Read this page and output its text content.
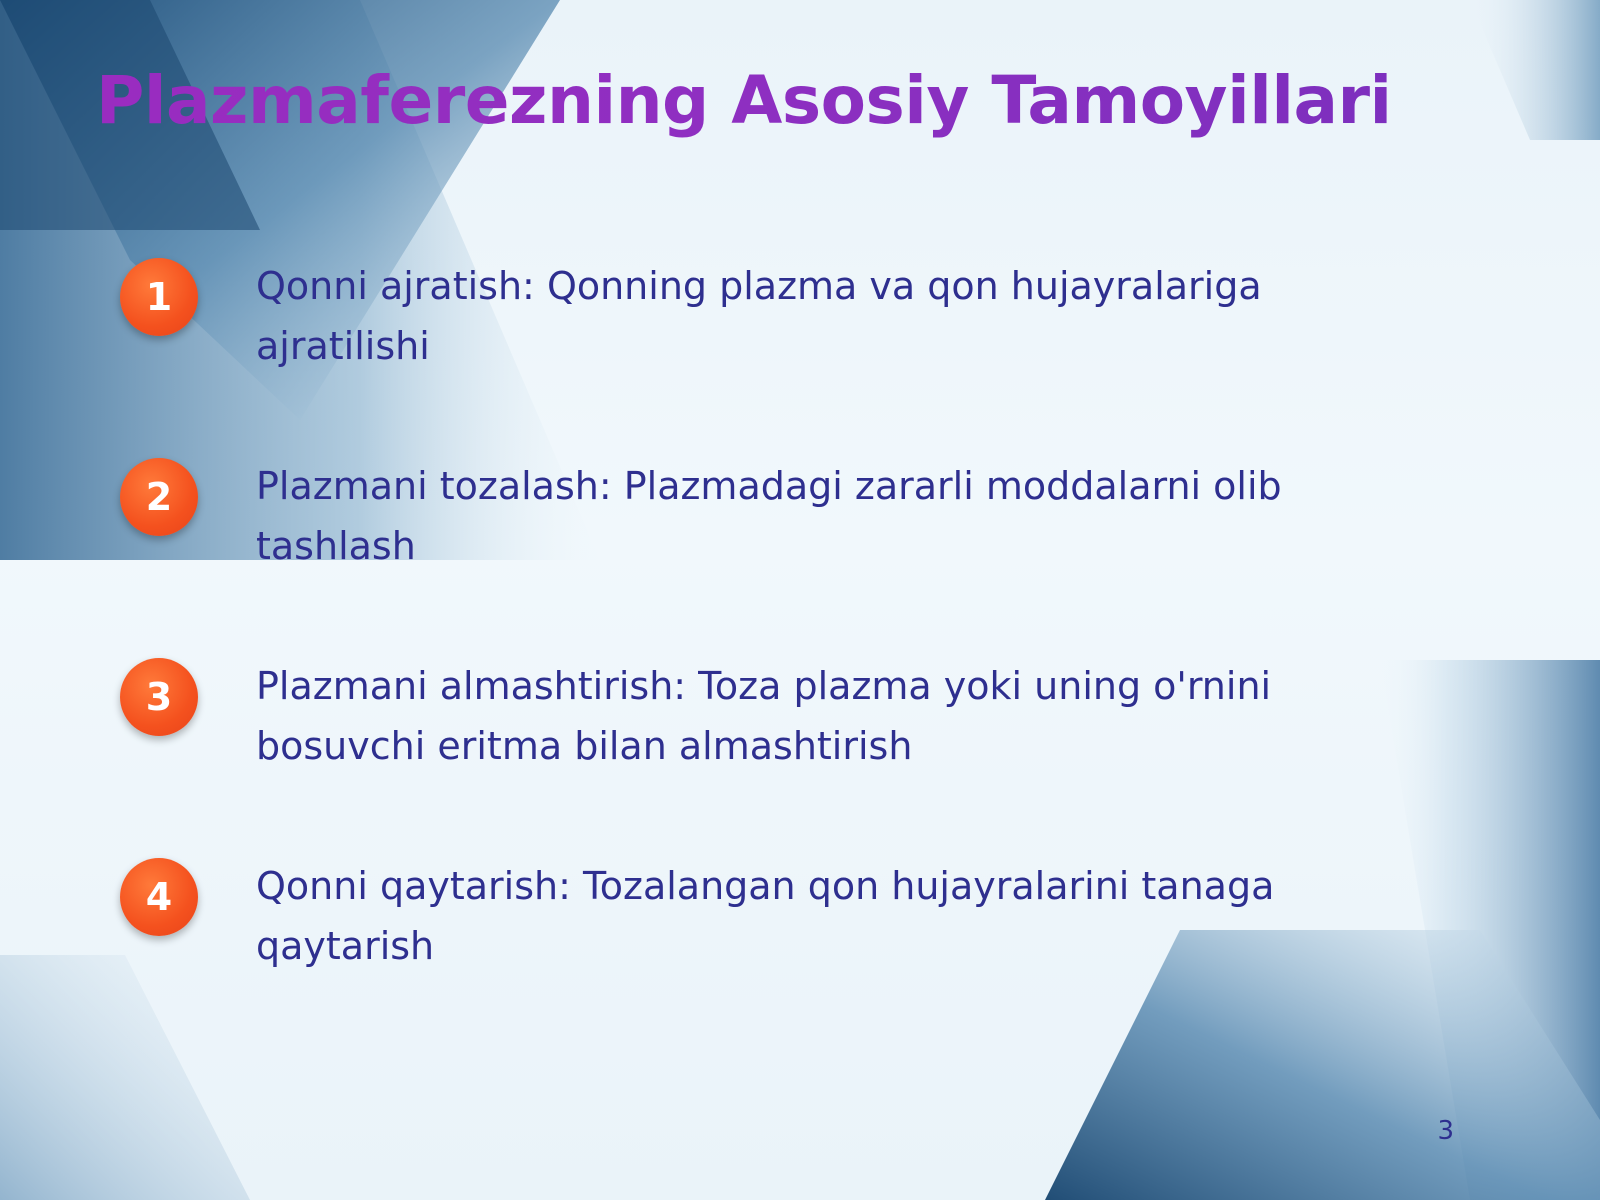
Plazmaferezning Asosiy Tamoyillari
1	Qonni ajratish: Qonning plazma va qon hujayralariga ajratilishi

2	Plazmani tozalash: Plazmadagi zararli moddalarni olib tashlash

3	Plazmani almashtirish: Toza plazma yoki uning o'rnini bosuvchi eritma bilan almashtirish

4	Qonni qaytarish: Tozalangan qon hujayralarini tanaga qaytarish

3
